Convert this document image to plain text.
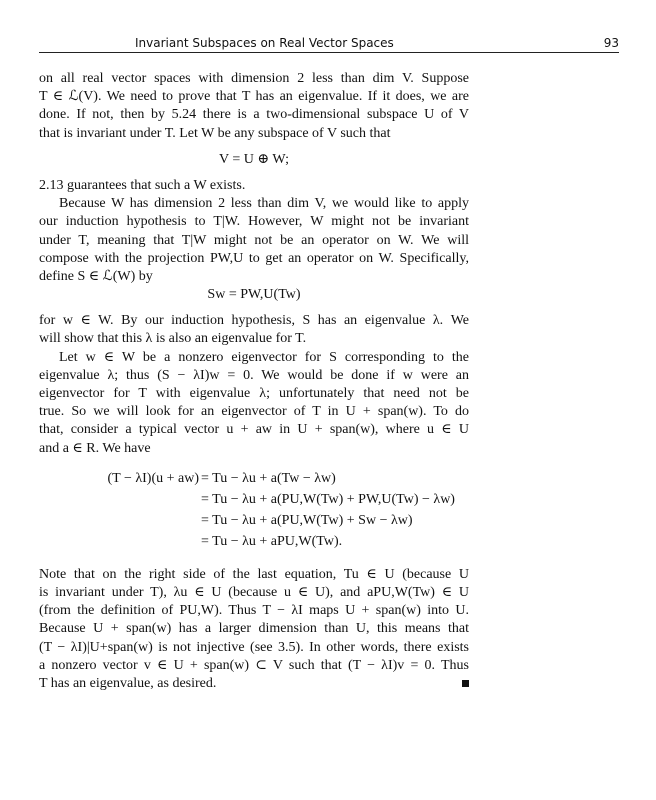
Invariant Subspaces on Real Vector Spaces	93
on all real vector spaces with dimension 2 less than dim V. Suppose
T ∈ ℒ(V). We need to prove that T has an eigenvalue. If it does, we are
done. If not, then by 5.24 there is a two-dimensional subspace U of V
that is invariant under T. Let W be any subspace of V such that
V = U ⊕ W;
2.13 guarantees that such a W exists.
Because W has dimension 2 less than dim V, we would like to apply
our induction hypothesis to T|W. However, W might not be invariant
under T, meaning that T|W might not be an operator on W. We will
compose with the projection PW,U to get an operator on W. Specifically,
define S ∈ ℒ(W) by
Sw = PW,U(Tw)
for w ∈ W. By our induction hypothesis, S has an eigenvalue λ. We
will show that this λ is also an eigenvalue for T.
Let w ∈ W be a nonzero eigenvector for S corresponding to the
eigenvalue λ; thus (S − λI)w = 0. We would be done if w were an
eigenvector for T with eigenvalue λ; unfortunately that need not be
true. So we will look for an eigenvector of T in U + span(w). To do
that, consider a typical vector u + aw in U + span(w), where u ∈ U
and a ∈ R. We have
(T − λI)(u + aw) = Tu − λu + a(Tw − λw)
= Tu − λu + a(PU,W(Tw) + PW,U(Tw) − λw)
= Tu − λu + a(PU,W(Tw) + Sw − λw)
= Tu − λu + aPU,W(Tw).
Note that on the right side of the last equation, Tu ∈ U (because U
is invariant under T), λu ∈ U (because u ∈ U), and aPU,W(Tw) ∈ U
(from the definition of PU,W). Thus T − λI maps U + span(w) into U.
Because U + span(w) has a larger dimension than U, this means that
(T − λI)|U+span(w) is not injective (see 3.5). In other words, there exists
a nonzero vector v ∈ U + span(w) ⊂ V such that (T − λI)v = 0. Thus
T has an eigenvalue, as desired.
